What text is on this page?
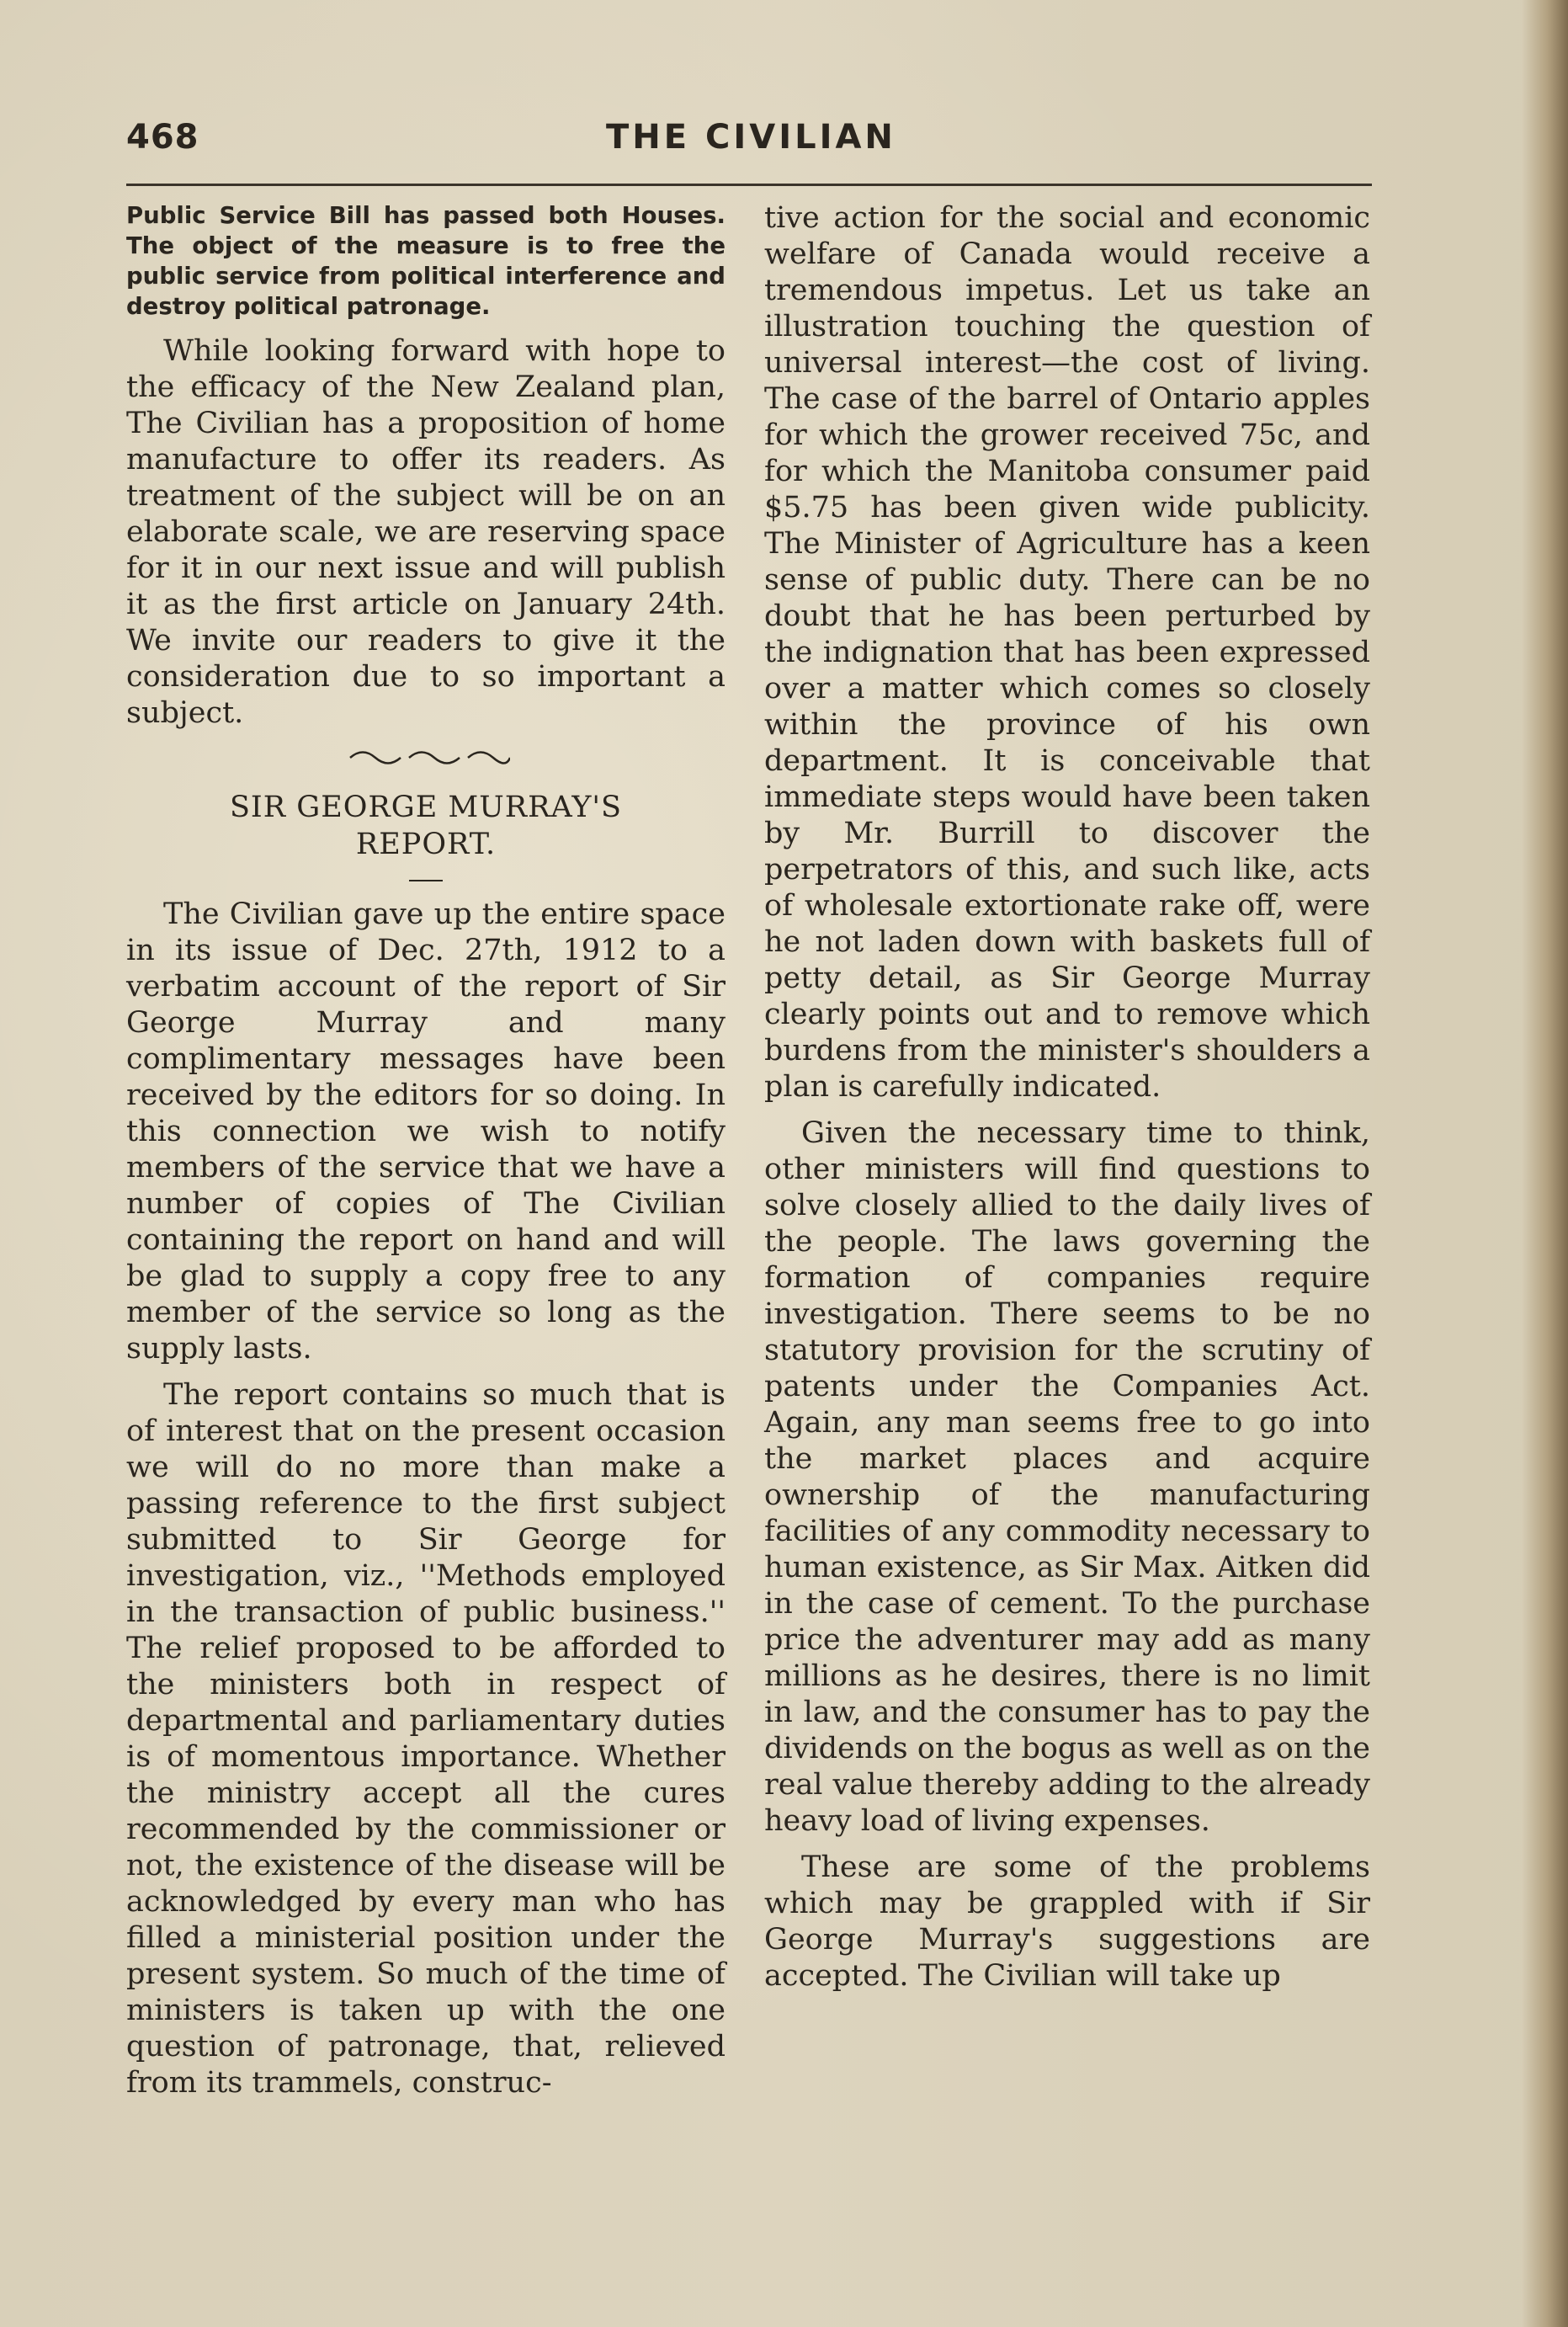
468	THE CIVILIAN

Public Service Bill has passed both Houses. The object of the measure is to free the public service from political interference and destroy political patronage.

While looking forward with hope to the efficacy of the New Zealand plan, The Civilian has a proposition of home manufacture to offer its readers. As treatment of the subject will be on an elaborate scale, we are reserving space for it in our next issue and will publish it as the first article on January 24th. We invite our readers to give it the consideration due to so important a subject.

SIR GEORGE MURRAY'S
REPORT.

The Civilian gave up the entire space in its issue of Dec. 27th, 1912 to a verbatim account of the report of Sir George Murray and many complimentary messages have been received by the editors for so doing. In this connection we wish to notify members of the service that we have a number of copies of The Civilian containing the report on hand and will be glad to supply a copy free to any member of the service so long as the supply lasts.

The report contains so much that is of interest that on the present occasion we will do no more than make a passing reference to the first subject submitted to Sir George for investigation, viz., ''Methods employed in the transaction of public business.'' The relief proposed to be afforded to the ministers both in respect of departmental and parliamentary duties is of momentous importance. Whether the ministry accept all the cures recommended by the commissioner or not, the existence of the disease will be acknowledged by every man who has filled a ministerial position under the present system. So much of the time of ministers is taken up with the one question of patronage, that, relieved from its trammels, construc-

tive action for the social and economic welfare of Canada would receive a tremendous impetus. Let us take an illustration touching the question of universal interest—the cost of living. The case of the barrel of Ontario apples for which the grower received 75c, and for which the Manitoba consumer paid $5.75 has been given wide publicity. The Minister of Agriculture has a keen sense of public duty. There can be no doubt that he has been perturbed by the indignation that has been expressed over a matter which comes so closely within the province of his own department. It is conceivable that immediate steps would have been taken by Mr. Burrill to discover the perpetrators of this, and such like, acts of wholesale extortionate rake off, were he not laden down with baskets full of petty detail, as Sir George Murray clearly points out and to remove which burdens from the minister's shoulders a plan is carefully indicated.

Given the necessary time to think, other ministers will find questions to solve closely allied to the daily lives of the people. The laws governing the formation of companies require investigation. There seems to be no statutory provision for the scrutiny of patents under the Companies Act. Again, any man seems free to go into the market places and acquire ownership of the manufacturing facilities of any commodity necessary to human existence, as Sir Max. Aitken did in the case of cement. To the purchase price the adventurer may add as many millions as he desires, there is no limit in law, and the consumer has to pay the dividends on the bogus as well as on the real value thereby adding to the already heavy load of living expenses.

These are some of the problems which may be grappled with if Sir George Murray's suggestions are accepted. The Civilian will take up
